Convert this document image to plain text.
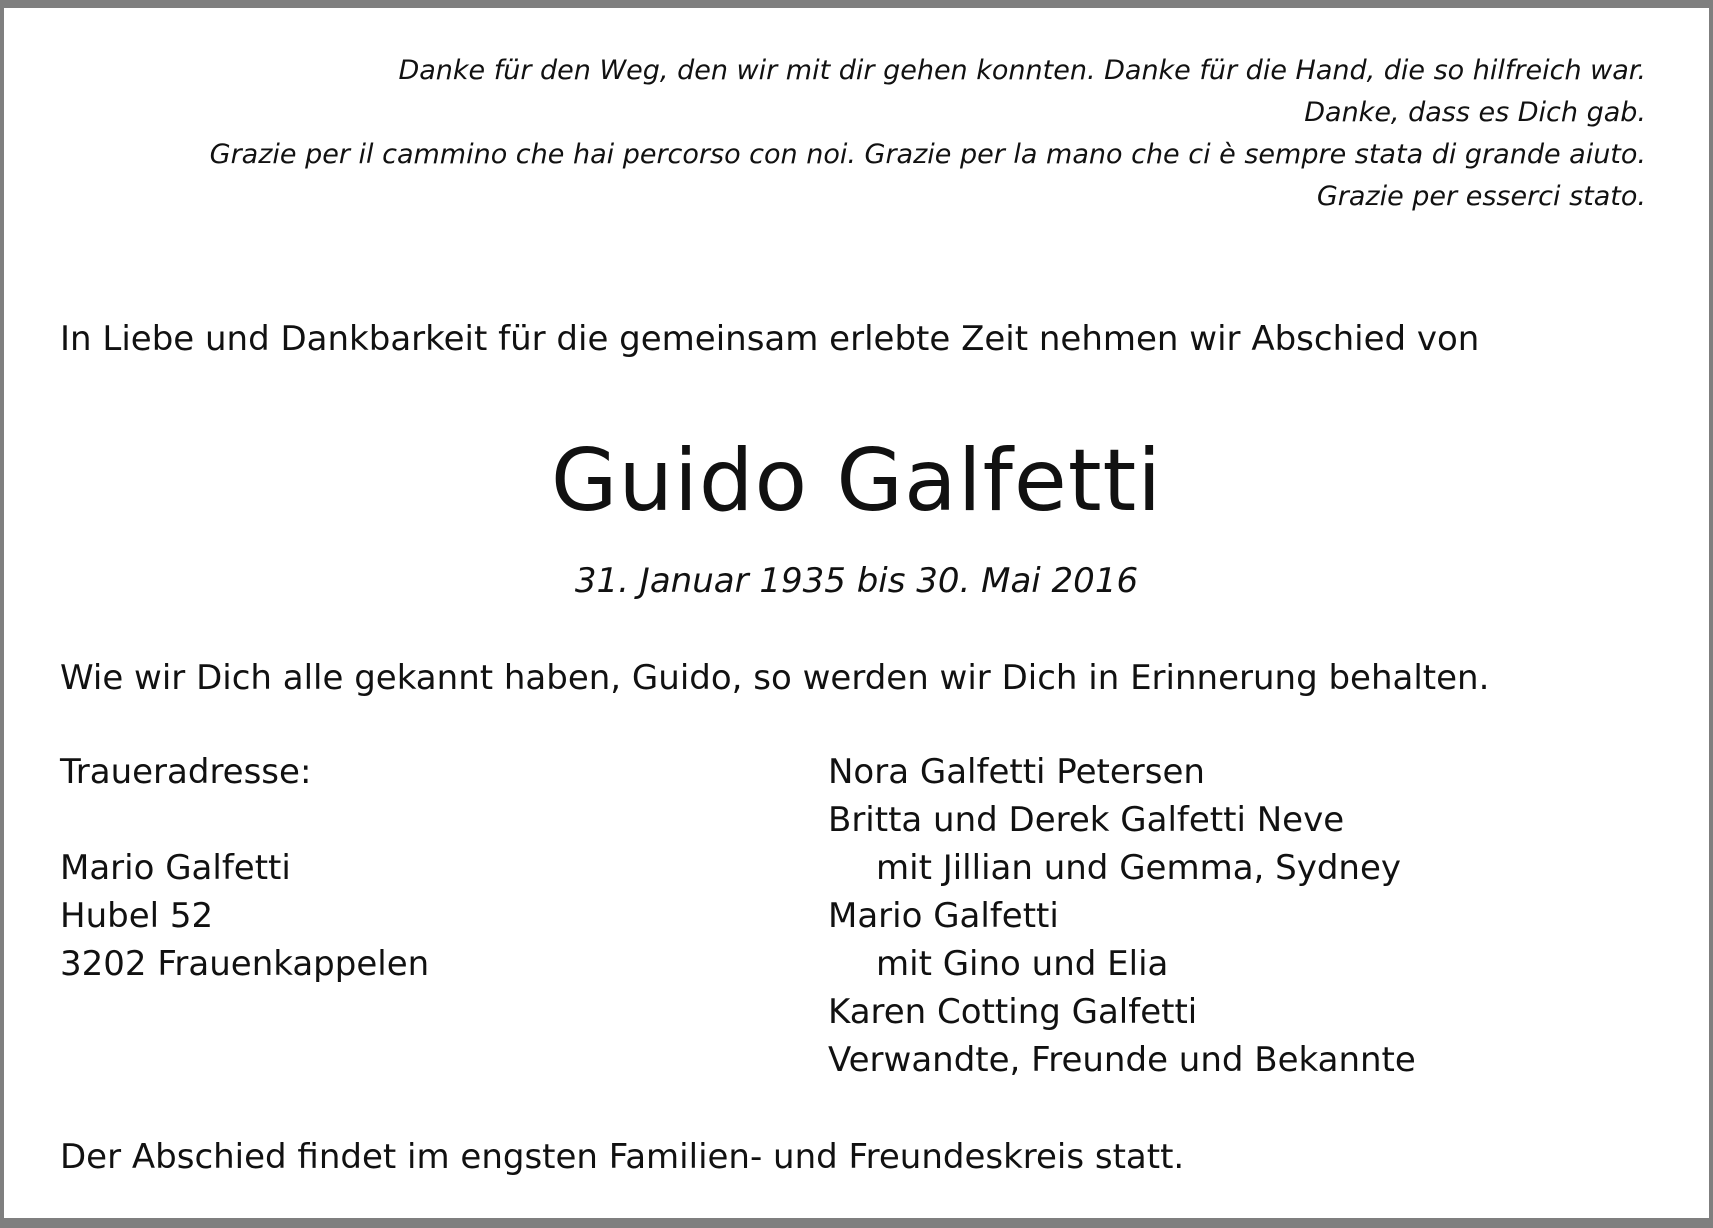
Danke für den Weg, den wir mit dir gehen konnten. Danke für die Hand, die so hilfreich war.
Danke, dass es Dich gab.
Grazie per il cammino che hai percorso con noi. Grazie per la mano che ci è sempre stata di grande aiuto.
Grazie per esserci stato.
In Liebe und Dankbarkeit für die gemeinsam erlebte Zeit nehmen wir Abschied von
Guido Galfetti
31. Januar 1935 bis 30. Mai 2016
Wie wir Dich alle gekannt haben, Guido, so werden wir Dich in Erinnerung behalten.
Traueradresse:
Mario Galfetti
Hubel 52
3202 Frauenkappelen
Nora Galfetti Petersen
Britta und Derek Galfetti Neve
mit Jillian und Gemma, Sydney
Mario Galfetti
mit Gino und Elia
Karen Cotting Galfetti
Verwandte, Freunde und Bekannte
Der Abschied findet im engsten Familien- und Freundeskreis statt.
